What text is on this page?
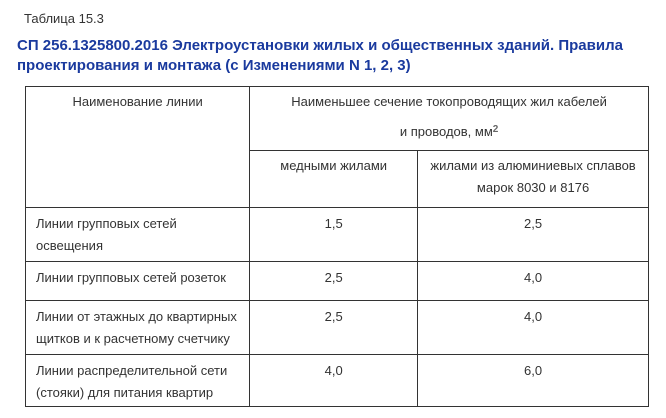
Таблица 15.3
СП 256.1325800.2016 Электроустановки жилых и общественных зданий. Правила проектирования и монтажа (с Изменениями N 1, 2, 3)
Наименование линии	Наименьшее сечение токопроводящих жил кабелей
и проводов, $мм^2$

	медными жилами	жилами из алюминиевых сплавов марок 8030 и 8176
Линии групповых сетей освещения	1,5	2,5
Линии групповых сетей розеток	2,5	4,0
Линии от этажных до квартирных щитков и к расчетному счетчику	2,5	4,0
Линии распределительной сети (стояки) для питания квартир	4,0	6,0
